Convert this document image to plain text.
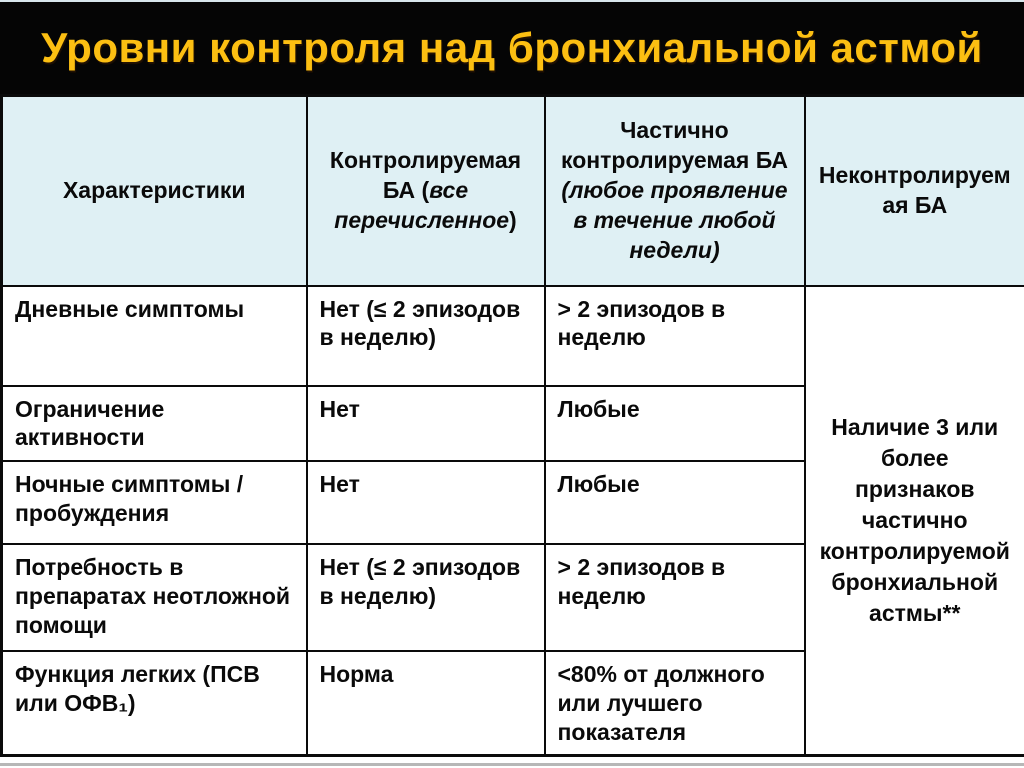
Уровни контроля над бронхиальной астмой
Характеристики	Контролируемая БА (все перечисленное)	Частично контролируемая БА (любое проявление в течение любой недели)	Неконтролируемая БА
Дневные симптомы	Нет (≤ 2 эпизодов в неделю)	> 2 эпизодов в неделю	Наличие 3 или более признаков частично контролируемой бронхиальной астмы**
Ограничение активности	Нет	Любые	
Ночные симптомы / пробуждения	Нет	Любые	
Потребность в препаратах неотложной помощи	Нет (≤ 2 эпизодов в неделю)	> 2 эпизодов в неделю	
Функция легких (ПСВ или ОФВ₁)	Норма	<80% от должного или лучшего показателя	
